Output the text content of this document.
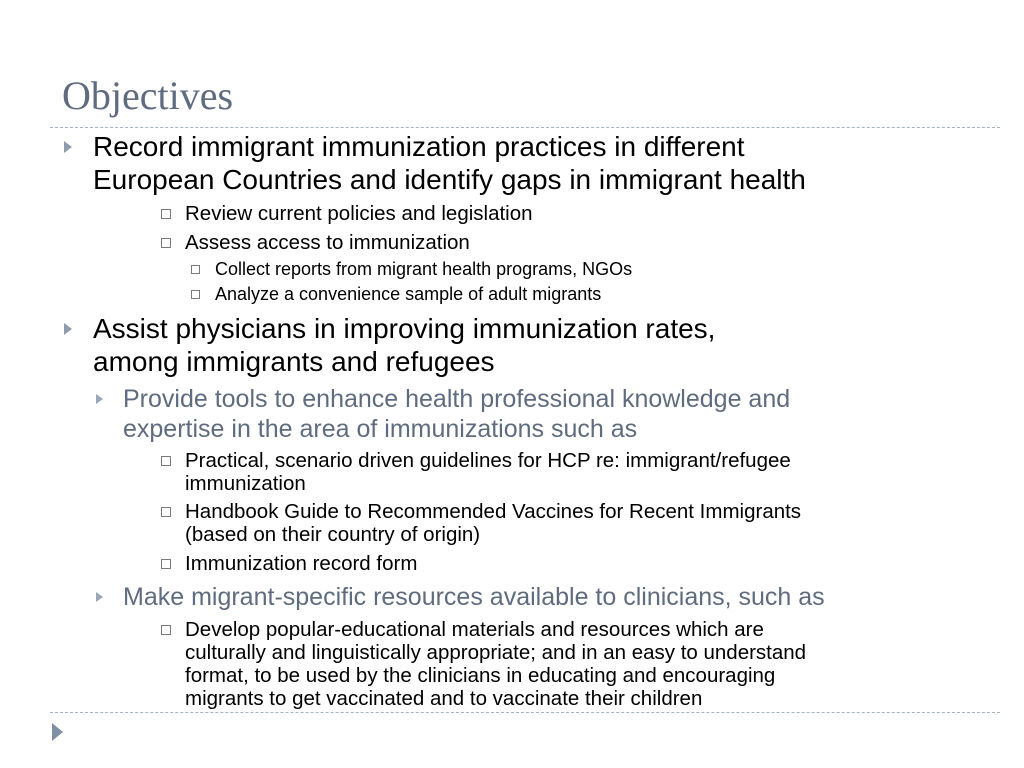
Objectives
Record immigrant immunization practices in different
European Countries and identify gaps in immigrant health
Review current policies and legislation
Assess access to immunization
Collect reports from migrant health programs, NGOs
Analyze a convenience sample of adult migrants
Assist physicians in improving immunization rates,
among immigrants and refugees
Provide tools to enhance health professional knowledge and
expertise in the area of immunizations such as
Practical, scenario driven guidelines for HCP re: immigrant/refugee
immunization
Handbook Guide to Recommended Vaccines for Recent Immigrants
(based on their country of origin)
Immunization record form
Make migrant-specific resources available to clinicians, such as
Develop popular-educational materials and resources which are
culturally and linguistically appropriate; and in an easy to understand
format, to be used by the clinicians in educating and encouraging
migrants to get vaccinated and to vaccinate their children
